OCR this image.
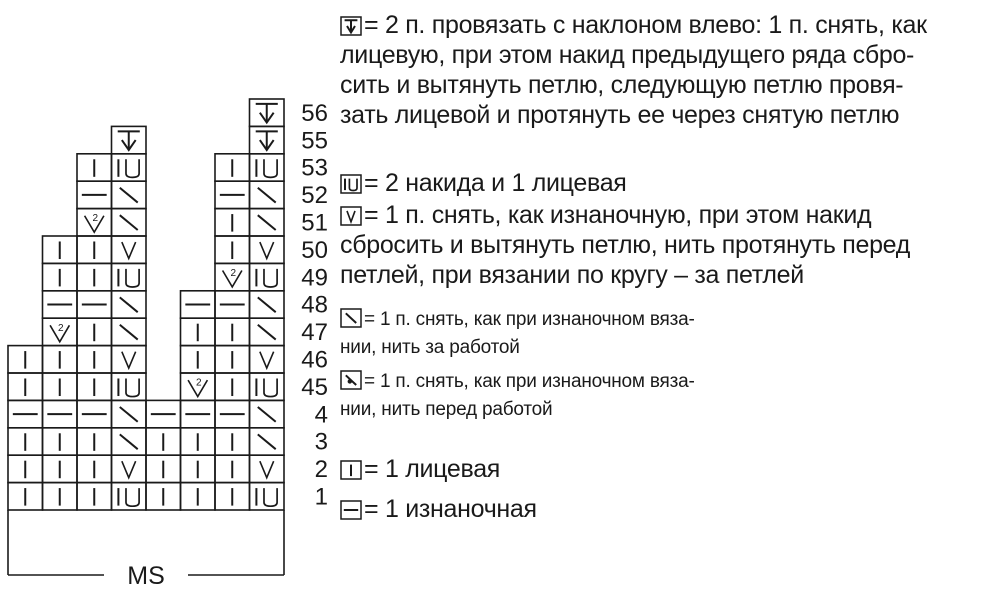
2
2
2
2
1
2
3
4
45
46
47
48
49
50
51
52
53
55
56
MS
= 2 п. провязать с наклоном влево: 1 п. снять, как
лицевую, при этом накид предыдущего ряда сбро-
сить и вытянуть петлю, следующую петлю провя-
зать лицевой и протянуть ее через снятую петлю
= 2 накида и 1 лицевая
= 1 п. снять, как изнаночную, при этом накид
сбросить и вытянуть петлю, нить протянуть перед
петлей, при вязании по кругу – за петлей
= 1 п. снять, как при изнаночном вяза-
нии, нить за работой
= 1 п. снять, как при изнаночном вяза-
нии, нить перед работой
= 1 лицевая
= 1 изнаночная
